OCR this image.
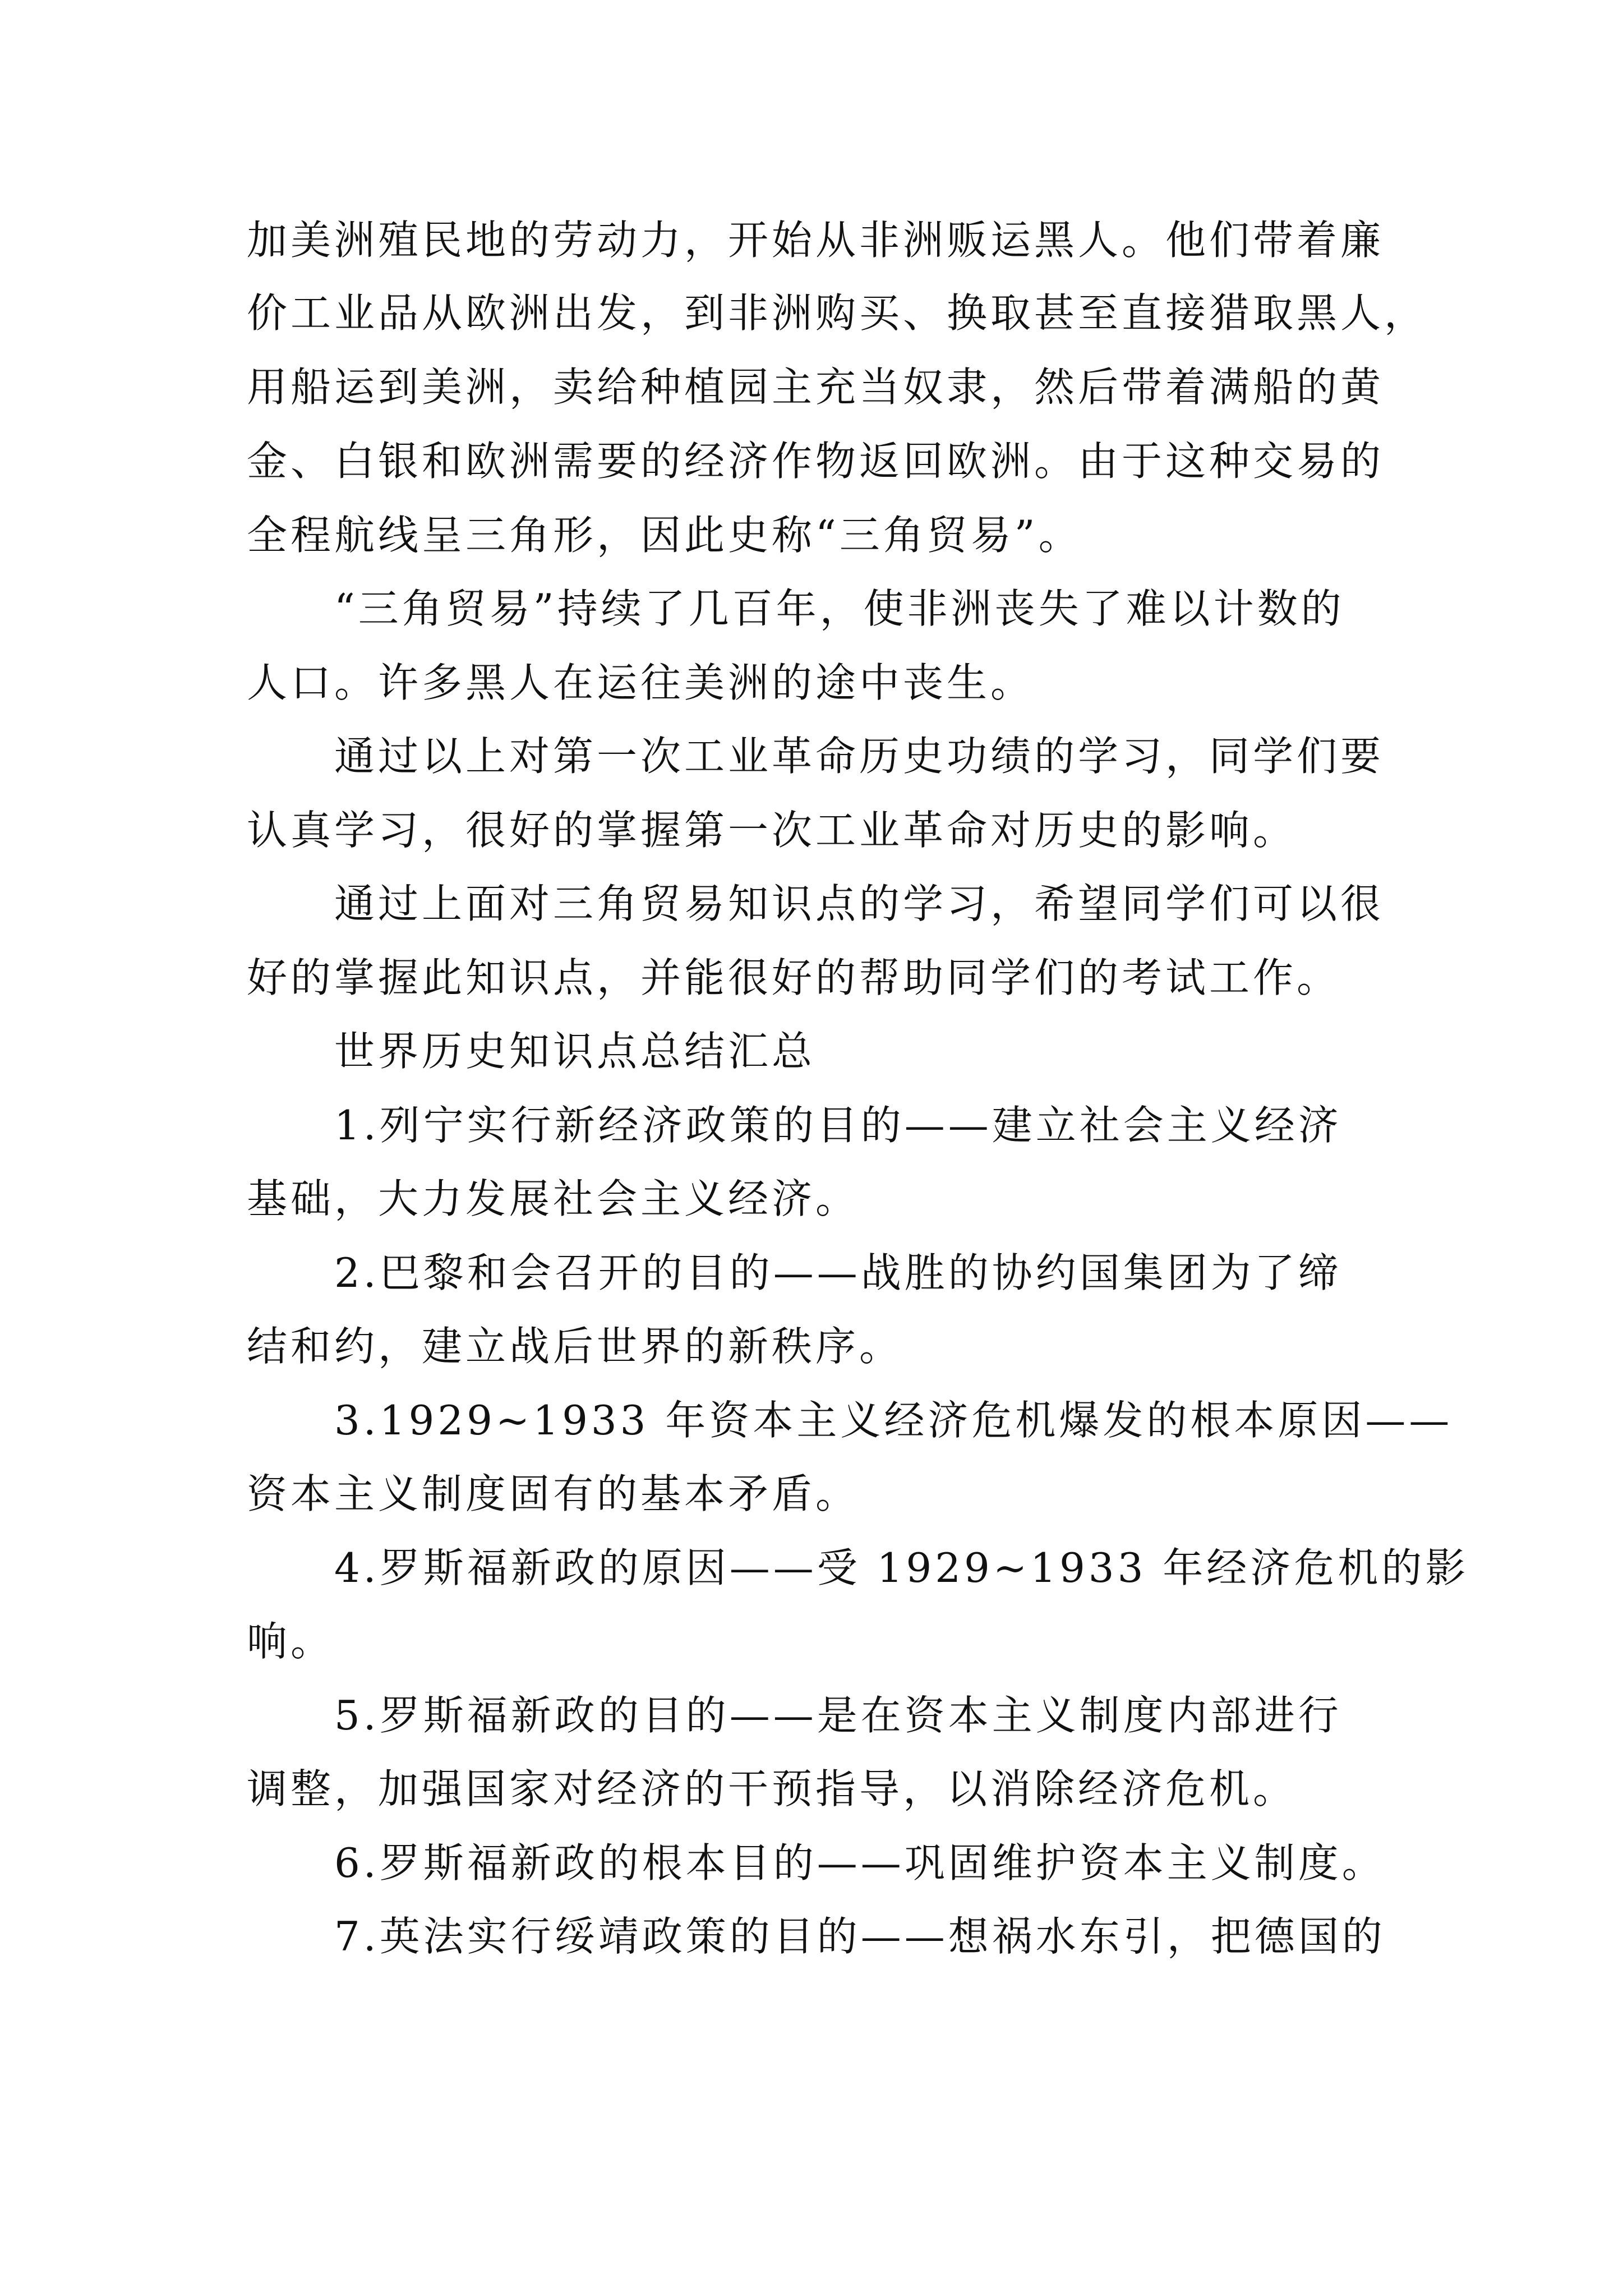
加美洲殖民地的劳动力，开始从非洲贩运黑人。他们带着廉
价工业品从欧洲出发，到非洲购买、换取甚至直接猎取黑人，
用船运到美洲，卖给种植园主充当奴隶，然后带着满船的黄
金、白银和欧洲需要的经济作物返回欧洲。由于这种交易的
全程航线呈三角形，因此史称“三角贸易”。
“三角贸易”持续了几百年，使非洲丧失了难以计数的
人口。许多黑人在运往美洲的途中丧生。
通过以上对第一次工业革命历史功绩的学习，同学们要
认真学习，很好的掌握第一次工业革命对历史的影响。
通过上面对三角贸易知识点的学习，希望同学们可以很
好的掌握此知识点，并能很好的帮助同学们的考试工作。
世界历史知识点总结汇总
1.列宁实行新经济政策的目的——建立社会主义经济
基础，大力发展社会主义经济。
2.巴黎和会召开的目的——战胜的协约国集团为了缔
结和约，建立战后世界的新秩序。
3.1929~1933 年资本主义经济危机爆发的根本原因——
资本主义制度固有的基本矛盾。
4.罗斯福新政的原因——受 1929~1933 年经济危机的影
响。
5.罗斯福新政的目的——是在资本主义制度内部进行
调整，加强国家对经济的干预指导，以消除经济危机。
6.罗斯福新政的根本目的——巩固维护资本主义制度。
7.英法实行绥靖政策的目的——想祸水东引，把德国的
